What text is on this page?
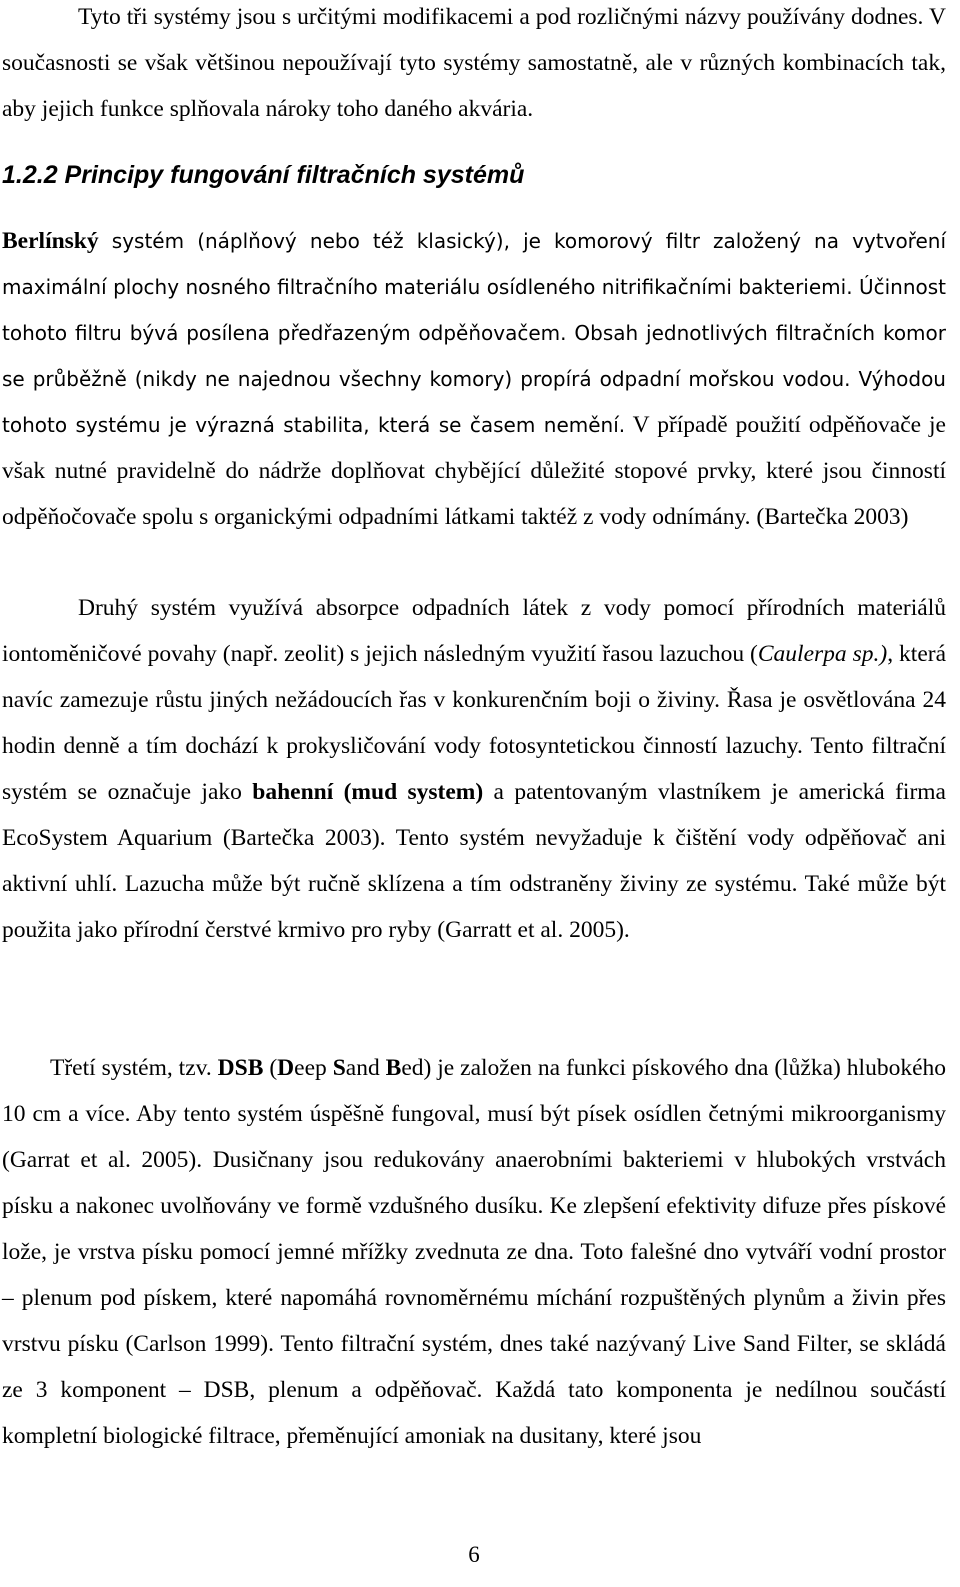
Tyto tři systémy jsou s určitými modifikacemi a pod rozličnými názvy používány dodnes. V současnosti se však většinou nepoužívají tyto systémy samostatně, ale v různých kombinacích tak, aby jejich funkce splňovala nároky toho daného akvária.

1.2.2 Principy fungování filtračních systémů

Berlínský systém (náplňový nebo též klasický), je komorový filtr založený na vytvoření maximální plochy nosného filtračního materiálu osídleného nitrifikačními bakteriemi. Účinnost tohoto filtru bývá posílena předřazeným odpěňovačem. Obsah jednotlivých filtračních komor se průběžně (nikdy ne najednou všechny komory) propírá odpadní mořskou vodou. Výhodou tohoto systému je výrazná stabilita, která se časem nemění. V případě použití odpěňovače je však nutné pravidelně do nádrže doplňovat chybějící důležité stopové prvky, které jsou činností odpěňočovače spolu s organickými odpadními látkami taktéž z vody odnímány. (Bartečka 2003)

Druhý systém využívá absorpce odpadních látek z vody pomocí přírodních materiálů iontoměničové povahy (např. zeolit) s jejich následným využití řasou lazuchou (Caulerpa sp.), která navíc zamezuje růstu jiných nežádoucích řas v konkurenčním boji o živiny. Řasa je osvětlována 24 hodin denně a tím dochází k prokysličování vody fotosyntetickou činností lazuchy. Tento filtrační systém se označuje jako bahenní (mud system) a patentovaným vlastníkem je americká firma EcoSystem Aquarium (Bartečka 2003). Tento systém nevyžaduje k čištění vody odpěňovač ani aktivní uhlí. Lazucha může být ručně sklízena a tím odstraněny živiny ze systému. Také může být použita jako přírodní čerstvé krmivo pro ryby (Garratt et al. 2005).

Třetí systém, tzv. DSB (Deep Sand Bed) je založen na funkci pískového dna (lůžka) hlubokého 10 cm a více. Aby tento systém úspěšně fungoval, musí být písek osídlen četnými mikroorganismy (Garrat et al. 2005). Dusičnany jsou redukovány anaerobními bakteriemi v hlubokých vrstvách písku a nakonec uvolňovány ve formě vzdušného dusíku. Ke zlepšení efektivity difuze přes pískové lože, je vrstva písku pomocí jemné mřížky zvednuta ze dna. Toto falešné dno vytváří vodní prostor – plenum pod pískem, které napomáhá rovnoměrnému míchání rozpuštěných plynům a živin přes vrstvu písku (Carlson 1999). Tento filtrační systém, dnes také nazývaný Live Sand Filter, se skládá ze 3 komponent – DSB, plenum a odpěňovač. Každá tato komponenta je nedílnou součástí kompletní biologické filtrace, přeměnující amoniak na dusitany, které jsou

6
